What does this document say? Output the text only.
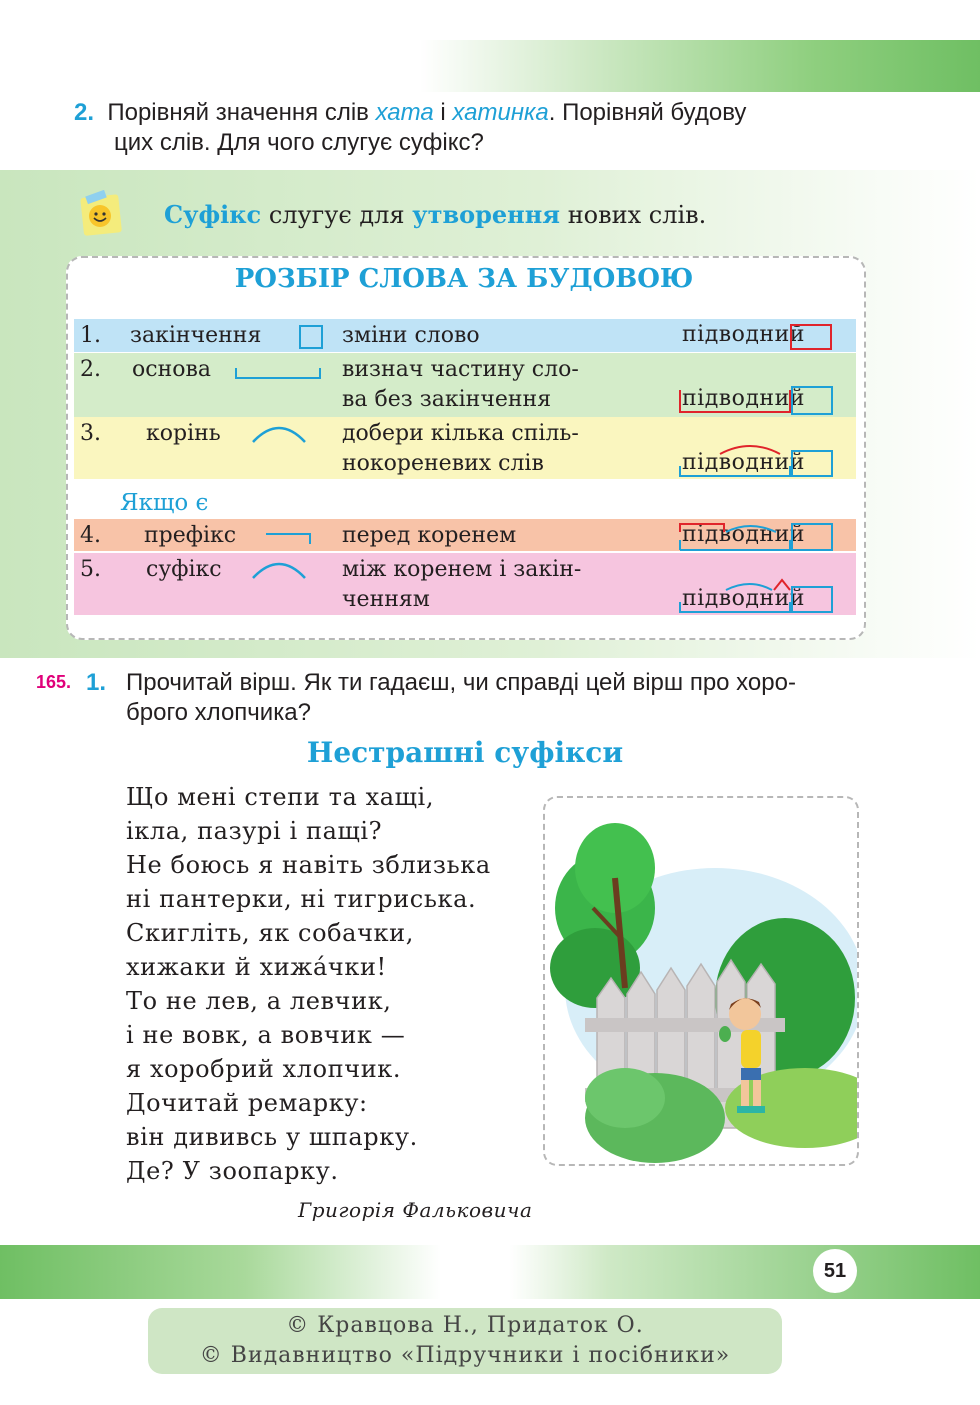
2. Порівняй значення слів хата і хатинка. Порівняй будову
цих слів. Для чого слугує суфікс?
Суфікс слугує для утворення нових слів.
РОЗБІР СЛОВА ЗА БУДОВОЮ
1. закінчення	зміни слово	підводний
2. основа	визнач частину сло-
ва без закінчення	підводний
3. корінь	добери кілька спіль-
нокореневих слів	підводний
Якщо є
4. префікс	перед коренем	підводний
5. суфікс	між коренем і закін-
ченням	підводний
165. 1. Прочитай вірш. Як ти гадаєш, чи справді цей вірш про хоро-
брого хлопчика?
Нестрашні суфікси
Що мені степи та хащі,
ікла, пазурі і пащі?
Не боюсь я навіть зблизька
ні пантерки, ні тигриська.
Скигліть, як собачки,
хижаки й хижа́чки!
То не лев, а левчик,
і не вовк, а вовчик —
я хоробрий хлопчик.
Дочитай ремарку:
він дививсь у шпарку.
Де? У зоопарку.
Григорія Фальковича
51
© Кравцова Н., Придаток О.
© Видавництво «Підручники і посібники»
